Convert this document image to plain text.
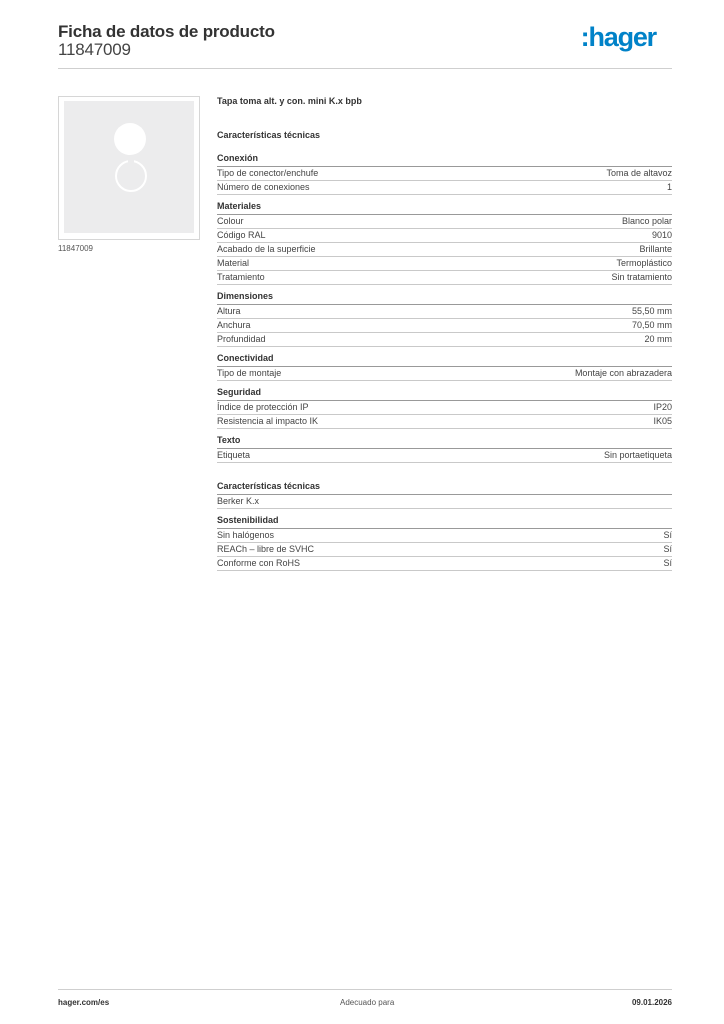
Ficha de datos de producto
11847009	:hager
11847009
Tapa toma alt. y con. mini K.x bpb
Características técnicas
Conexión
Tipo de conector/enchufe	Toma de altavoz
Número de conexiones	1
Materiales
Colour	Blanco polar
Código RAL	9010
Acabado de la superficie	Brillante
Material	Termoplástico
Tratamiento	Sin tratamiento
Dimensiones
Altura	55,50 mm
Anchura	70,50 mm
Profundidad	20 mm
Conectividad
Tipo de montaje	Montaje con abrazadera
Seguridad
Índice de protección IP	IP20
Resistencia al impacto IK	IK05
Texto
Etiqueta	Sin portaetiqueta
Características técnicas
Berker K.x
Sostenibilidad
Sin halógenos	Sí
REACh – libre de SVHC	Sí
Conforme con RoHS	Sí
hager.com/es	Adecuado para	09.01.2026
